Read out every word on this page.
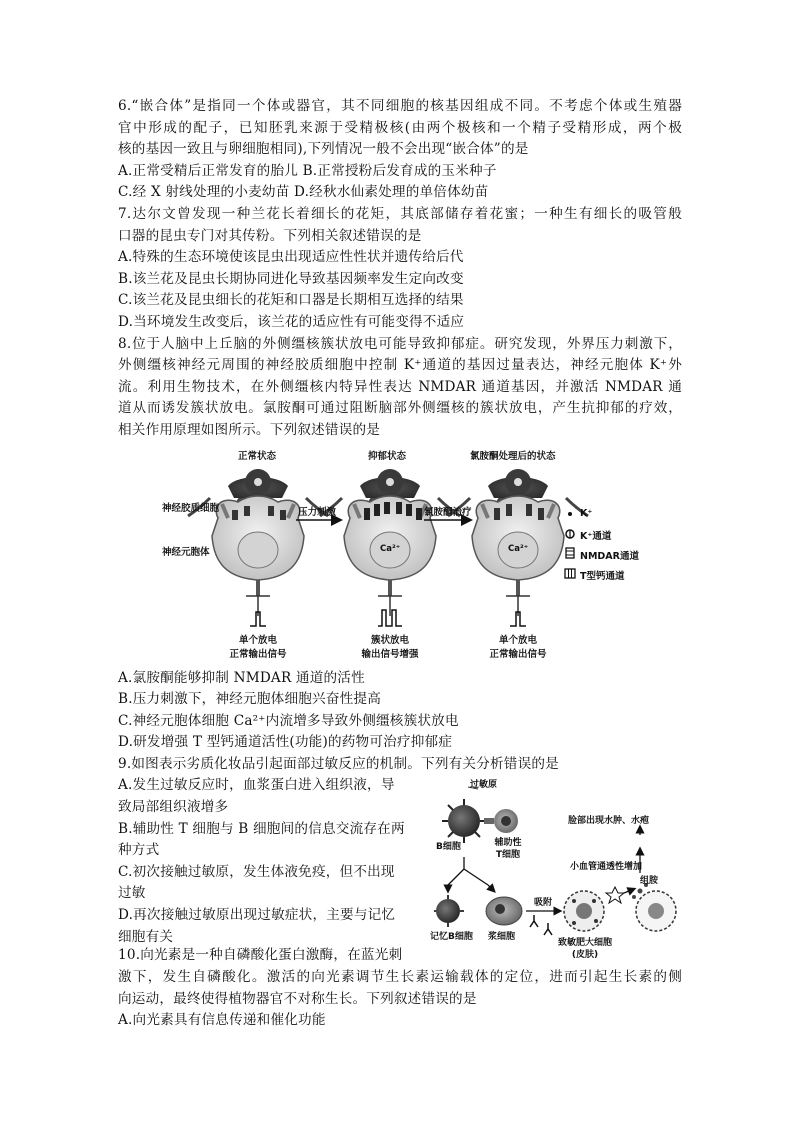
6.“嵌合体”是指同一个体或器官，其不同细胞的核基因组成不同。不考虑个体或生殖器
官中形成的配子，已知胚乳来源于受精极核(由两个极核和一个精子受精形成，两个极
核的基因一致且与卵细胞相同),下列情况一般不会出现“嵌合体”的是
A.正常受精后正常发育的胎儿 B.正常授粉后发育成的玉米种子
C.经 X 射线处理的小麦幼苗 D.经秋水仙素处理的单倍体幼苗
7.达尔文曾发现一种兰花长着细长的花矩，其底部储存着花蜜；一种生有细长的吸管般
口器的昆虫专门对其传粉。下列相关叙述错误的是
A.特殊的生态环境使该昆虫出现适应性性状并遗传给后代
B.该兰花及昆虫长期协同进化导致基因频率发生定向改变
C.该兰花及昆虫细长的花矩和口器是长期相互选择的结果
D.当环境发生改变后，该兰花的适应性有可能变得不适应
8.位于人脑中上丘脑的外侧缰核簇状放电可能导致抑郁症。研究发现，外界压力刺激下，
外侧缰核神经元周围的神经胶质细胞中控制 K⁺通道的基因过量表达，神经元胞体 K⁺外
流。利用生物技术，在外侧缰核内特异性表达 NMDAR 通道基因，并激活 NMDAR 通
道从而诱发簇状放电。氯胺酮可通过阻断脑部外侧缰核的簇状放电，产生抗抑郁的疗效，
相关作用原理如图所示。下列叙述错误的是
正常状态	抑郁状态	氯胺酮处理后的状态
神经胶质细胞
神经元胞体
压力刺激	氯胺酮治疗
Ca²⁺	Ca²⁺
单个放电
正常输出信号
簇状放电
输出信号增强
单个放电
正常输出信号
K⁺
K⁺通道
NMDAR通道
T型钙通道
A.氯胺酮能够抑制 NMDAR 通道的活性
B.压力刺激下，神经元胞体细胞兴奋性提高
C.神经元胞体细胞 Ca²⁺内流增多导致外侧缰核簇状放电
D.研发增强 T 型钙通道活性(功能)的药物可治疗抑郁症
9.如图表示劣质化妆品引起面部过敏反应的机制。下列有关分析错误的是
A.发生过敏反应时，血浆蛋白进入组织液，导
致局部组织液增多
B.辅助性 T 细胞与 B 细胞间的信息交流存在两
种方式
C.初次接触过敏原，发生体液免疫，但不出现
过敏
D.再次接触过敏原出现过敏症状，主要与记忆
细胞有关
过敏原
B细胞	辅助性
T细胞
脸部出现水肿、水疱
小血管通透性增加
组胺
记忆B细胞 浆细胞
吸附
致敏肥大细胞
(皮肤)
10.向光素是一种自磷酸化蛋白激酶，在蓝光刺
激下，发生自磷酸化。激活的向光素调节生长素运输载体的定位，进而引起生长素的侧
向运动，最终使得植物器官不对称生长。下列叙述错误的是
A.向光素具有信息传递和催化功能
